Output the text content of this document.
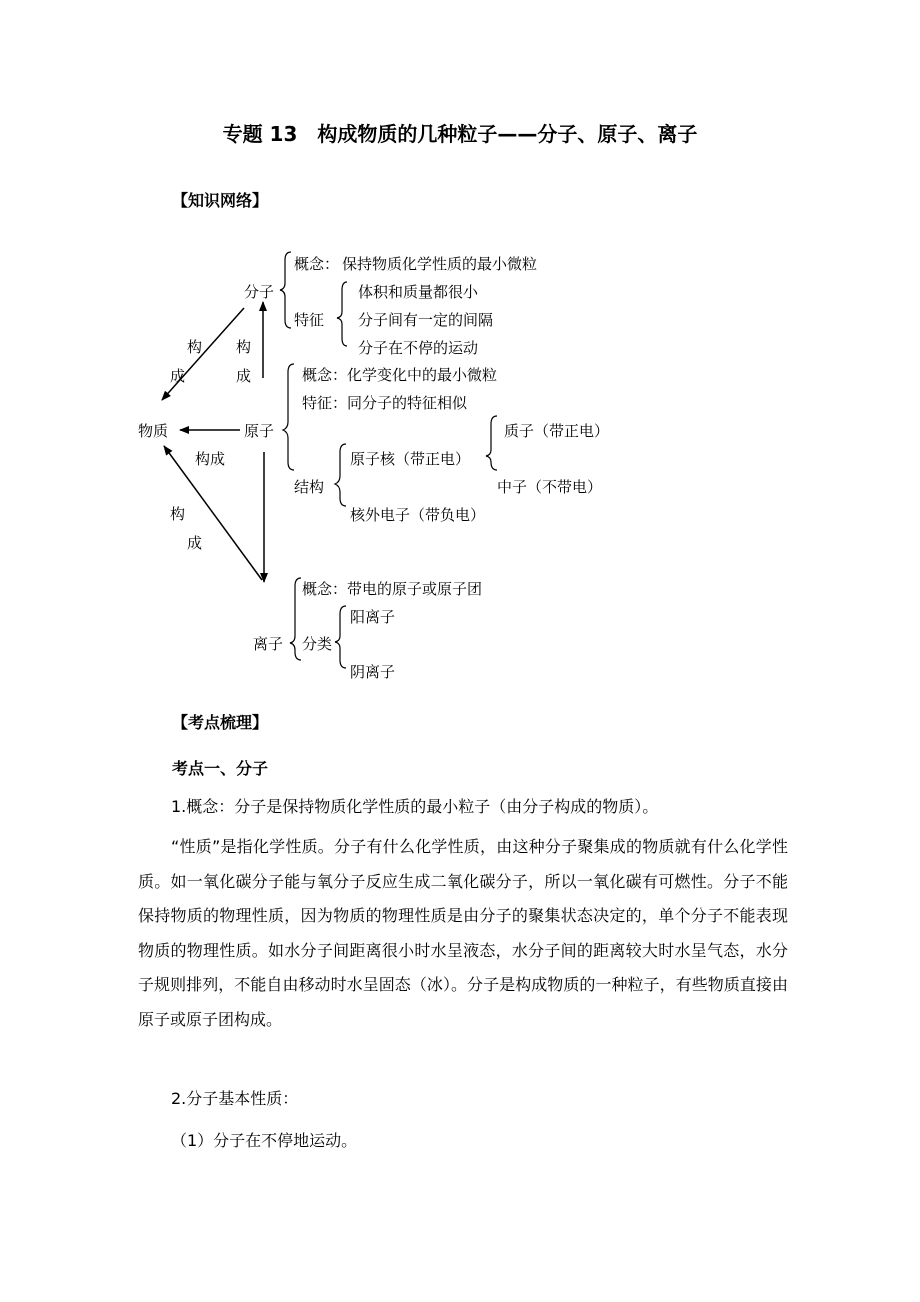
专题 13　构成物质的几种粒子——分子、原子、离子
【知识网络】
物质
分子
原子
离子
构
成
构
成
构成
构
成
概念： 保持物质化学性质的最小微粒
特征
体积和质量都很小
分子间有一定的间隔
分子在不停的运动
概念：化学变化中的最小微粒
特征：同分子的特征相似
结构
原子核（带正电）
质子（带正电）
中子（不带电）
核外电子（带负电）
概念：带电的原子或原子团
分类
阳离子
阴离子
【考点梳理】
考点一、分子
1.概念：分子是保持物质化学性质的最小粒子（由分子构成的物质）。
“性质”是指化学性质。分子有什么化学性质，由这种分子聚集成的物质就有什么化学性质。如一氧化碳分子能与氧分子反应生成二氧化碳分子，所以一氧化碳有可燃性。分子不能保持物质的物理性质，因为物质的物理性质是由分子的聚集状态决定的，单个分子不能表现物质的物理性质。如水分子间距离很小时水呈液态，水分子间的距离较大时水呈气态，水分子规则排列，不能自由移动时水呈固态（冰）。分子是构成物质的一种粒子，有些物质直接由原子或原子团构成。
2.分子基本性质：
（1）分子在不停地运动。
